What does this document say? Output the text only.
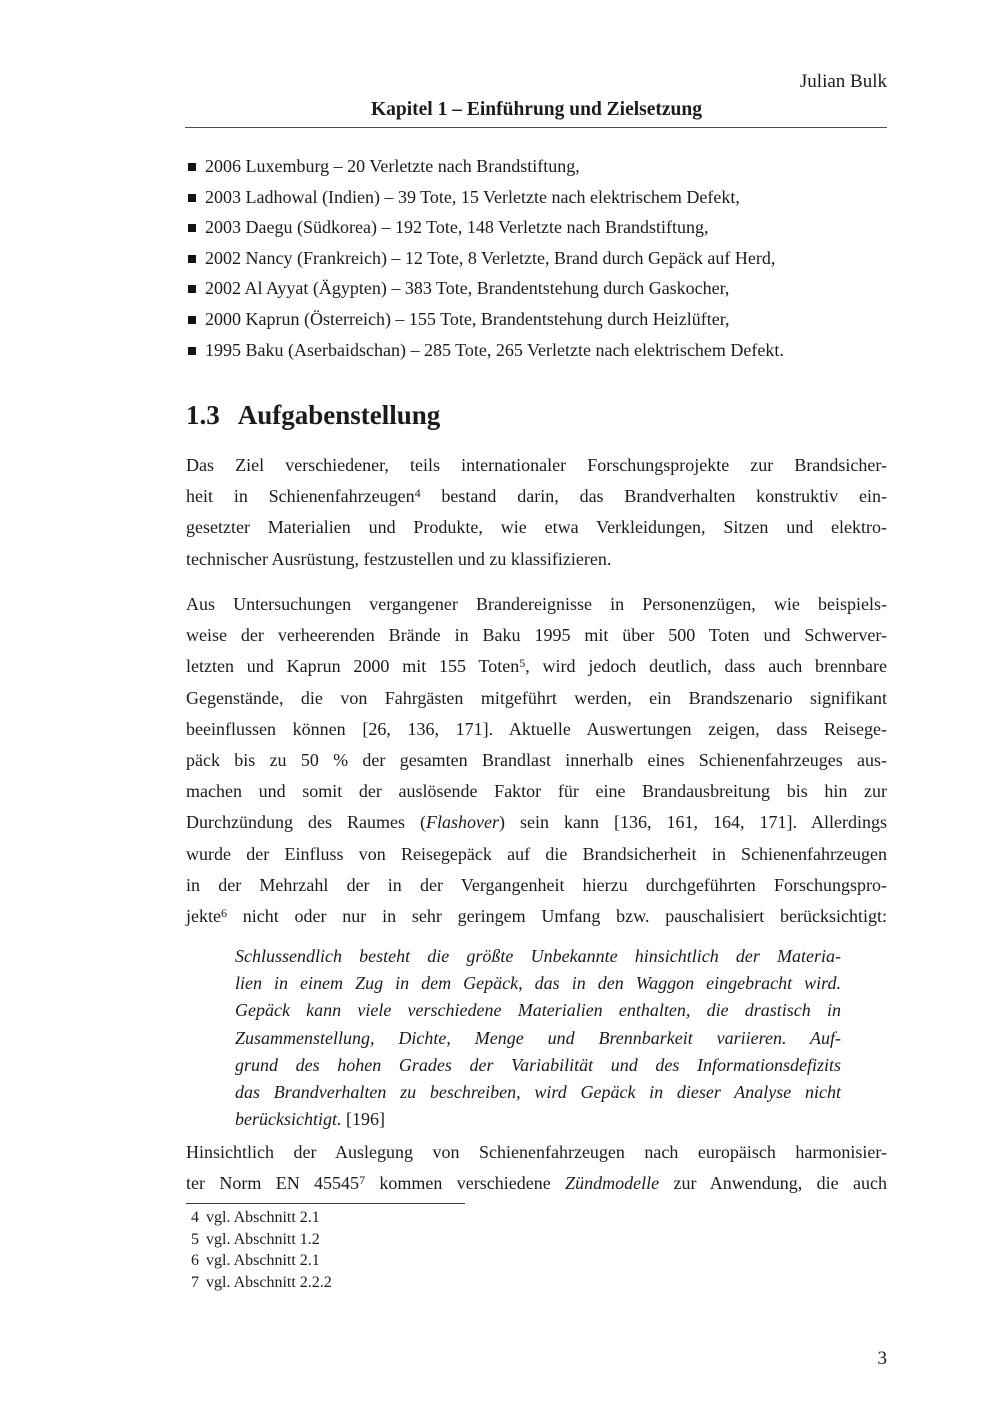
Julian Bulk
Kapitel 1 – Einführung und Zielsetzung
2006 Luxemburg – 20 Verletzte nach Brandstiftung,
2003 Ladhowal (Indien) – 39 Tote, 15 Verletzte nach elektrischem Defekt,
2003 Daegu (Südkorea) – 192 Tote, 148 Verletzte nach Brandstiftung,
2002 Nancy (Frankreich) – 12 Tote, 8 Verletzte, Brand durch Gepäck auf Herd,
2002 Al Ayyat (Ägypten) – 383 Tote, Brandentstehung durch Gaskocher,
2000 Kaprun (Österreich) – 155 Tote, Brandentstehung durch Heizlüfter,
1995 Baku (Aserbaidschan) – 285 Tote, 265 Verletzte nach elektrischem Defekt.
1.3 Aufgabenstellung
Das Ziel verschiedener, teils internationaler Forschungsprojekte zur Brandsicher-
heit in Schienenfahrzeugen$^4$ bestand darin, das Brandverhalten konstruktiv ein-
gesetzter Materialien und Produkte, wie etwa Verkleidungen, Sitzen und elektro-
technischer Ausrüstung, festzustellen und zu klassifizieren.
Aus Untersuchungen vergangener Brandereignisse in Personenzügen, wie beispiels-
weise der verheerenden Brände in Baku 1995 mit über 500 Toten und Schwerver-
letzten und Kaprun 2000 mit 155 Toten$^5$, wird jedoch deutlich, dass auch brennbare
Gegenstände, die von Fahrgästen mitgeführt werden, ein Brandszenario signifikant
beeinflussen können [26, 136, 171]. Aktuelle Auswertungen zeigen, dass Reisege-
päck bis zu 50 % der gesamten Brandlast innerhalb eines Schienenfahrzeuges aus-
machen und somit der auslösende Faktor für eine Brandausbreitung bis hin zur
Durchzündung des Raumes (Flashover) sein kann [136, 161, 164, 171]. Allerdings
wurde der Einfluss von Reisegepäck auf die Brandsicherheit in Schienenfahrzeugen
in der Mehrzahl der in der Vergangenheit hierzu durchgeführten Forschungspro-
jekte$^6$ nicht oder nur in sehr geringem Umfang bzw. pauschalisiert berücksichtigt:
Schlussendlich besteht die größte Unbekannte hinsichtlich der Materia-
lien in einem Zug in dem Gepäck, das in den Waggon eingebracht wird.
Gepäck kann viele verschiedene Materialien enthalten, die drastisch in
Zusammenstellung, Dichte, Menge und Brennbarkeit variieren. Auf-
grund des hohen Grades der Variabilität und des Informationsdefizits
das Brandverhalten zu beschreiben, wird Gepäck in dieser Analyse nicht
berücksichtigt. [196]
Hinsichtlich der Auslegung von Schienenfahrzeugen nach europäisch harmonisier-
ter Norm EN 45545$^7$ kommen verschiedene Zündmodelle zur Anwendung, die auch
4 vgl. Abschnitt 2.1
5 vgl. Abschnitt 1.2
6 vgl. Abschnitt 2.1
7 vgl. Abschnitt 2.2.2
3
